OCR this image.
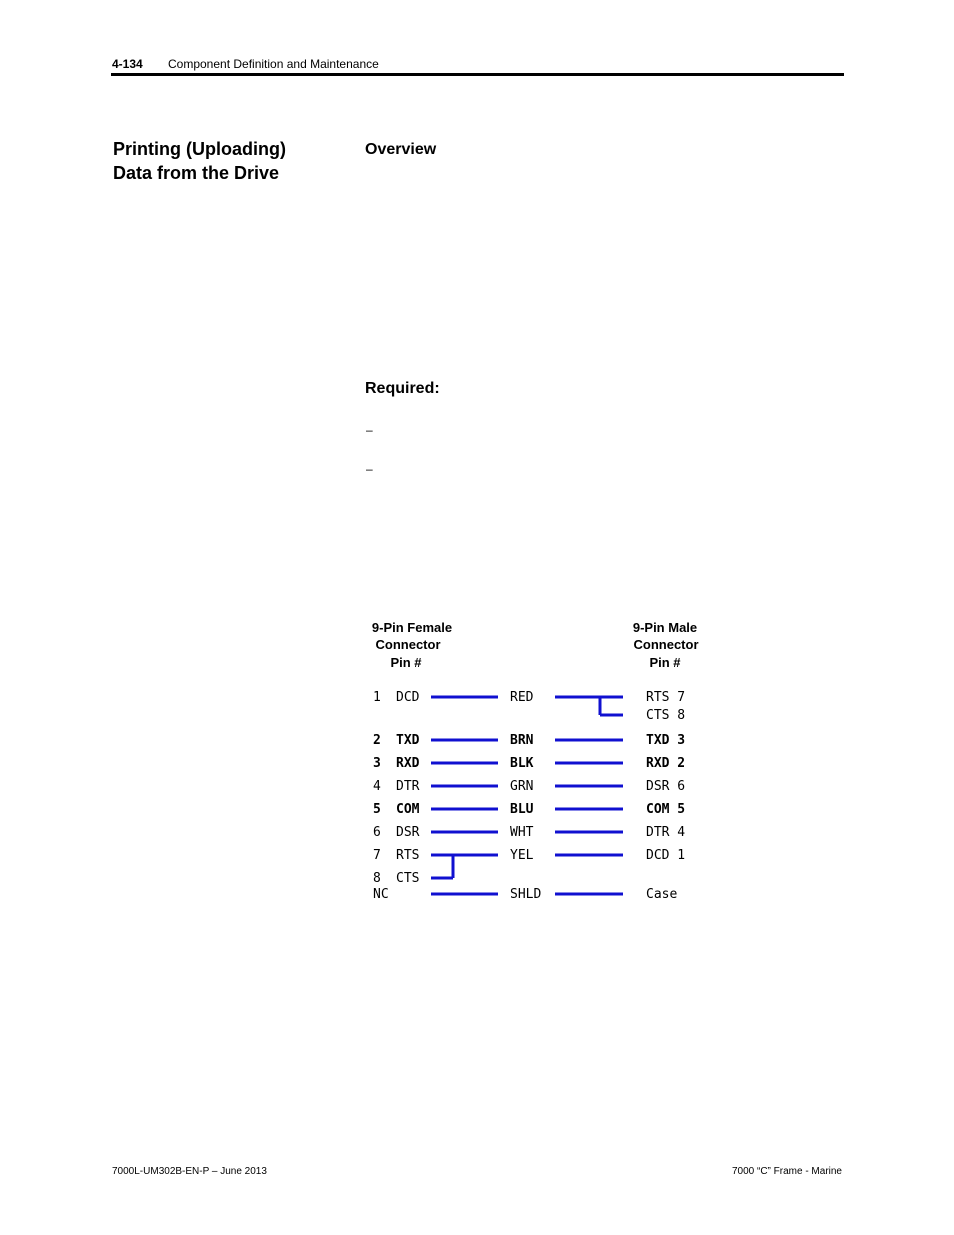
4-134 Component Definition and Maintenance
Printing (Uploading)
Data from the Drive
Overview
Required:
–
–
9-Pin Female
Connector
Pin #
9-Pin Male
Connector
Pin #
1 DCD	RED	RTS 7
CTS 8
2 TXD	BRN	TXD 3
3 RXD	BLK	RXD 2
4 DTR	GRN	DSR 6
5 COM	BLU	COM 5
6 DSR	WHT	DTR 4
7 RTS	YEL	DCD 1
8 CTS
NC	SHLD	Case
7000L-UM302B-EN-P – June 2013	7000 “C” Frame - Marine
